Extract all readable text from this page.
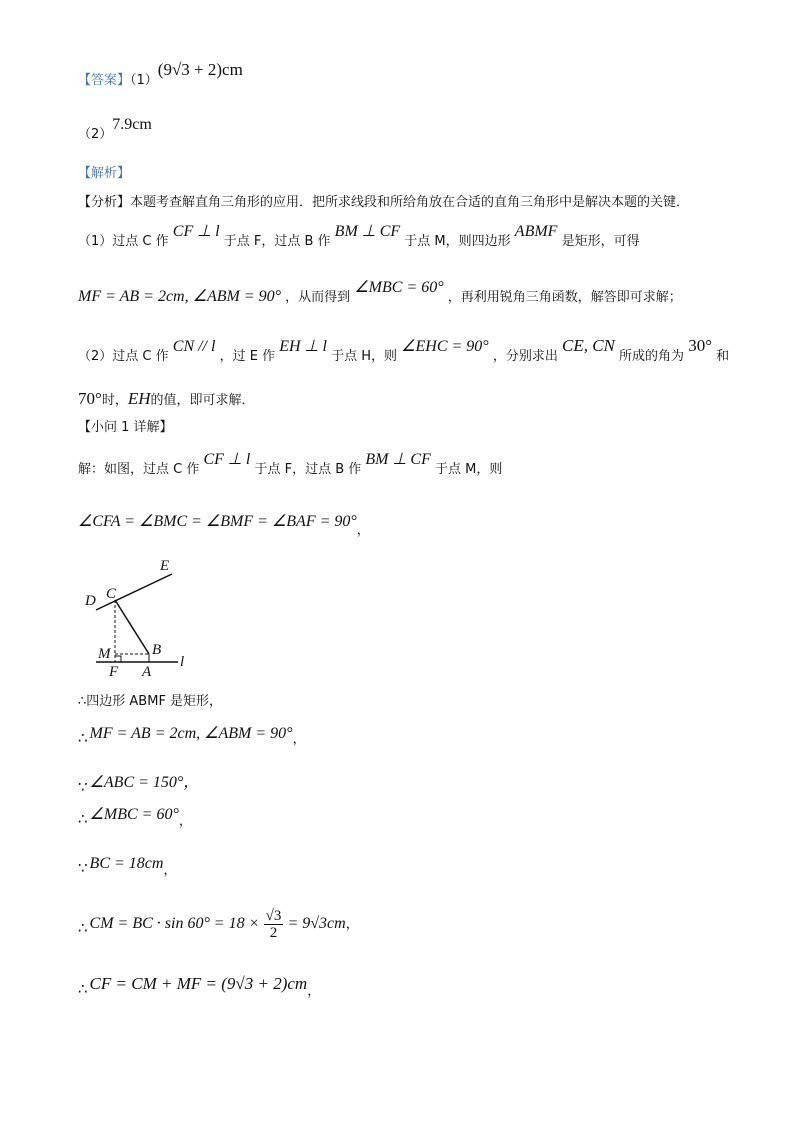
【答案】（1）(9√3 + 2)cm
（2）7.9cm
【解析】
【分析】本题考查解直角三角形的应用．把所求线段和所给角放在合适的直角三角形中是解决本题的关键．
（1）过点 C 作 CF ⊥ l 于点 F，过点 B 作 BM ⊥ CF 于点 M，则四边形 ABMF 是矩形，可得
MF = AB = 2cm, ∠ABM = 90° ，从而得到 ∠MBC = 60° ，再利用锐角三角函数，解答即可求解；
（2）过点 C 作 CN // l ，过 E 作 EH ⊥ l 于点 H，则 ∠EHC = 90° ，分别求出 CE, CN 所成的角为 30° 和
70°时，EH的值，即可求解．
【小问 1 详解】
解：如图，过点 C 作 CF ⊥ l 于点 F，过点 B 作 BM ⊥ CF 于点 M，则
∠CFA = ∠BMC = ∠BMF = ∠BAF = 90°，
E
D C
B
M
F A
l
∴四边形 ABMF 是矩形，
∴ MF = AB = 2cm, ∠ABM = 90°，
∵ ∠ABC = 150°，
∴ ∠MBC = 60°，
∵ BC = 18cm，
∴ CM = BC · $\sin 60^\circ = 18 \times \frac{√3}{2} = 9√3cm$，
∴ CF = CM + MF = (9√3 + 2)cm，
